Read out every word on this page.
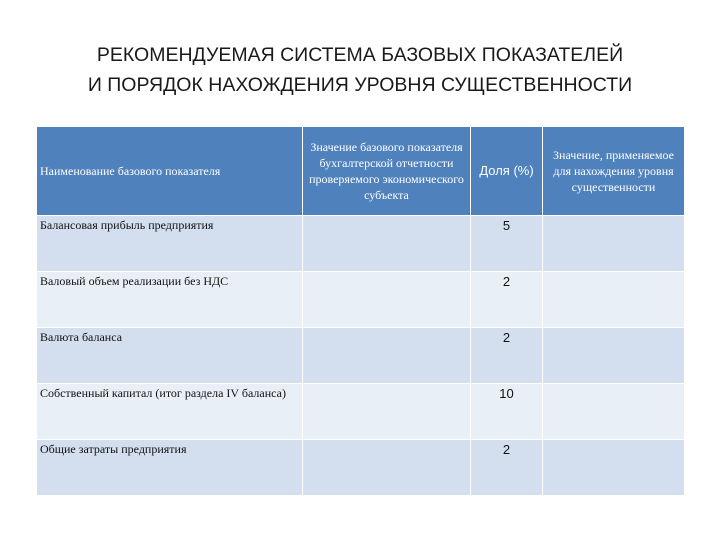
РЕКОМЕНДУЕМАЯ СИСТЕМА БАЗОВЫХ ПОКАЗАТЕЛЕЙ
И ПОРЯДОК НАХОЖДЕНИЯ УРОВНЯ СУЩЕСТВЕННОСТИ
Наименование базового показателя	Значение базового показателя бухгалтерской отчетности проверяемого экономического субъекта	Доля (%)	Значение, применяемое для нахождения уровня существенности
Балансовая прибыль предприятия		5	
Валовый объем реализации без НДС		2	
Валюта баланса		2	
Собственный капитал (итог раздела IV баланса)		10	
Общие затраты предприятия		2	
